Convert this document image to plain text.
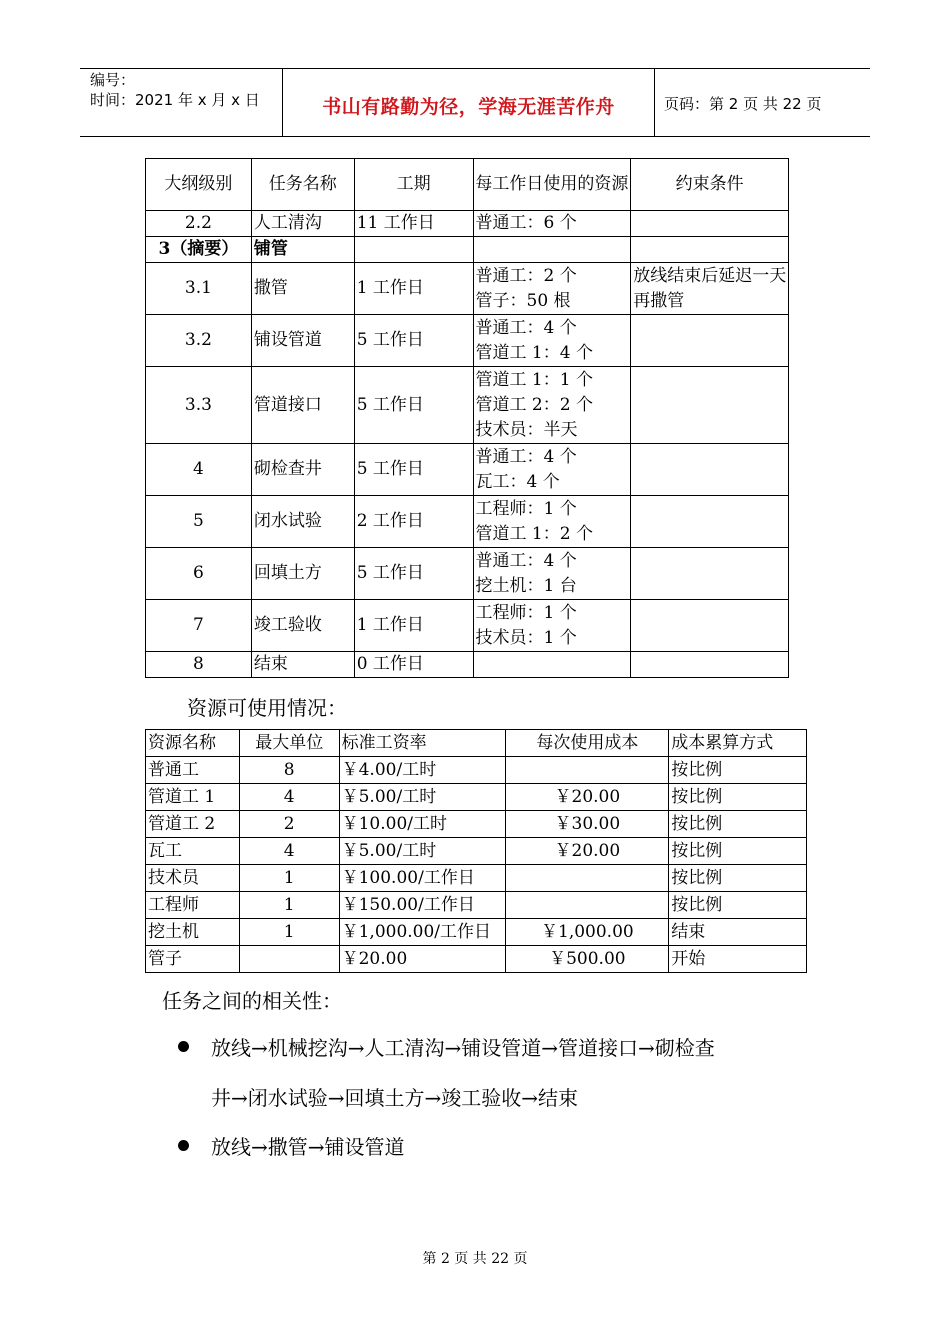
编号：
时间：2021 年 x 月 x 日	书山有路勤为径，学海无涯苦作舟	页码：第 2 页 共 22 页
大纲级别	任务名称	工期	每工作日使用的资源	约束条件
2.2	人工清沟	11 工作日	普通工：6 个	

3（摘要）	铺管			
3.1	撒管	1 工作日	普通工：2 个
管子：50 根	放线结束后延迟一天再撒管
3.2	铺设管道	5 工作日	普通工：4 个
管道工 1：4 个	

3.3	管道接口	5 工作日	管道工 1：1 个
管道工 2：2 个
技术员：半天	

4	砌检查井	5 工作日	普通工：4 个
瓦工：4 个	

5	闭水试验	2 工作日	工程师：1 个
管道工 1：2 个	

6	回填土方	5 工作日	普通工：4 个
挖土机：1 台	

7	竣工验收	1 工作日	工程师：1 个
技术员：1 个	

8	结束	0 工作日		
资源可使用情况：
资源名称	最大单位	标准工资率	每次使用成本	成本累算方式
普通工	8	￥4.00/工时		按比例
管道工 1	4	￥5.00/工时	￥20.00	按比例
管道工 2	2	￥10.00/工时	￥30.00	按比例
瓦工	4	￥5.00/工时	￥20.00	按比例
技术员	1	￥100.00/工作日		按比例
工程师	1	￥150.00/工作日		按比例
挖土机	1	￥1,000.00/工作日	￥1,000.00	结束
管子		￥20.00	￥500.00	开始
任务之间的相关性：
放线→机械挖沟→人工清沟→铺设管道→管道接口→砌检查
井→闭水试验→回填土方→竣工验收→结束
放线→撒管→铺设管道
第 2 页 共 22 页
